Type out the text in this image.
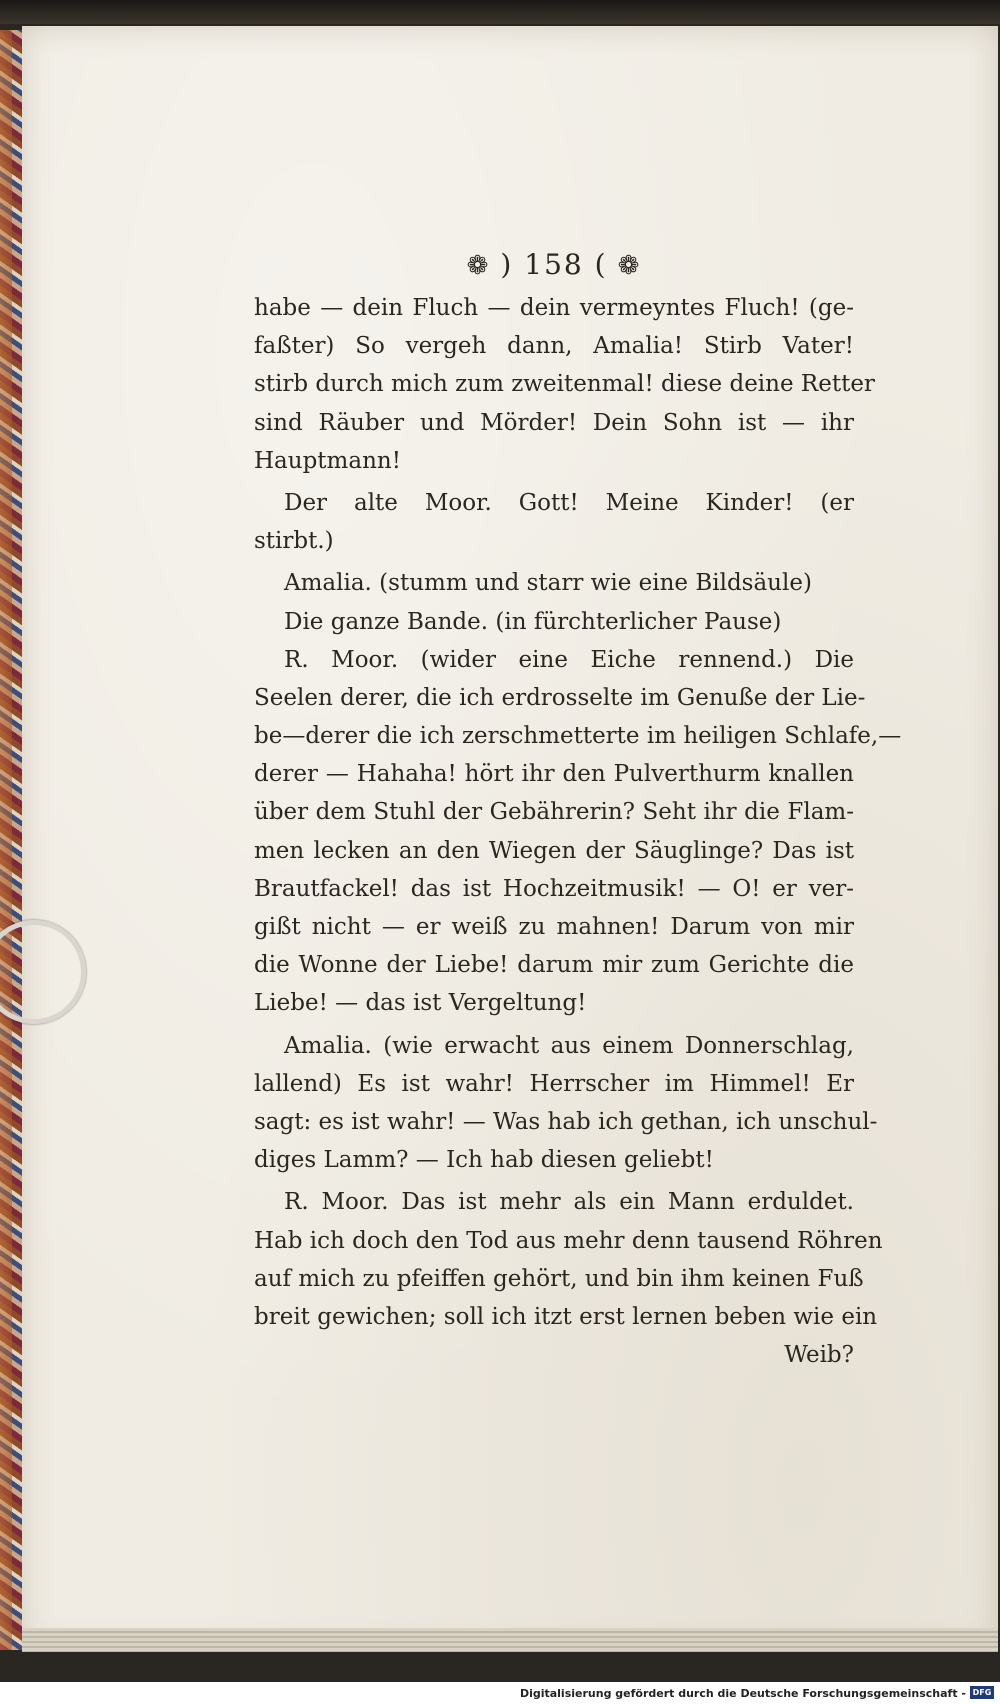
❁ ) 158 ( ❁
habe — dein Fluch — dein vermeyntes Fluch! (ge-
faßter) So vergeh dann, Amalia! Stirb Vater!
stirb durch mich zum zweitenmal! diese deine Retter
sind Räuber und Mörder! Dein Sohn ist — ihr
Hauptmann!
Der alte Moor. Gott! Meine Kinder! (er
stirbt.)
Amalia. (stumm und starr wie eine Bildsäule)
Die ganze Bande. (in fürchterlicher Pause)
R. Moor. (wider eine Eiche rennend.) Die
Seelen derer, die ich erdrosselte im Genuße der Lie-
be—derer die ich zerschmetterte im heiligen Schlafe,—
derer — Hahaha! hört ihr den Pulverthurm knallen
über dem Stuhl der Gebährerin? Seht ihr die Flam-
men lecken an den Wiegen der Säuglinge? Das ist
Brautfackel! das ist Hochzeitmusik! — O! er ver-
gißt nicht — er weiß zu mahnen! Darum von mir
die Wonne der Liebe! darum mir zum Gerichte die
Liebe! — das ist Vergeltung!
Amalia. (wie erwacht aus einem Donnerschlag,
lallend) Es ist wahr! Herrscher im Himmel! Er
sagt: es ist wahr! — Was hab ich gethan, ich unschul-
diges Lamm? — Ich hab diesen geliebt!
R. Moor. Das ist mehr als ein Mann erduldet.
Hab ich doch den Tod aus mehr denn tausend Röhren
auf mich zu pfeiffen gehört, und bin ihm keinen Fuß
breit gewichen; soll ich itzt erst lernen beben wie ein
Weib?
Digitalisierung gefördert durch die Deutsche Forschungsgemeinschaft - DFG
